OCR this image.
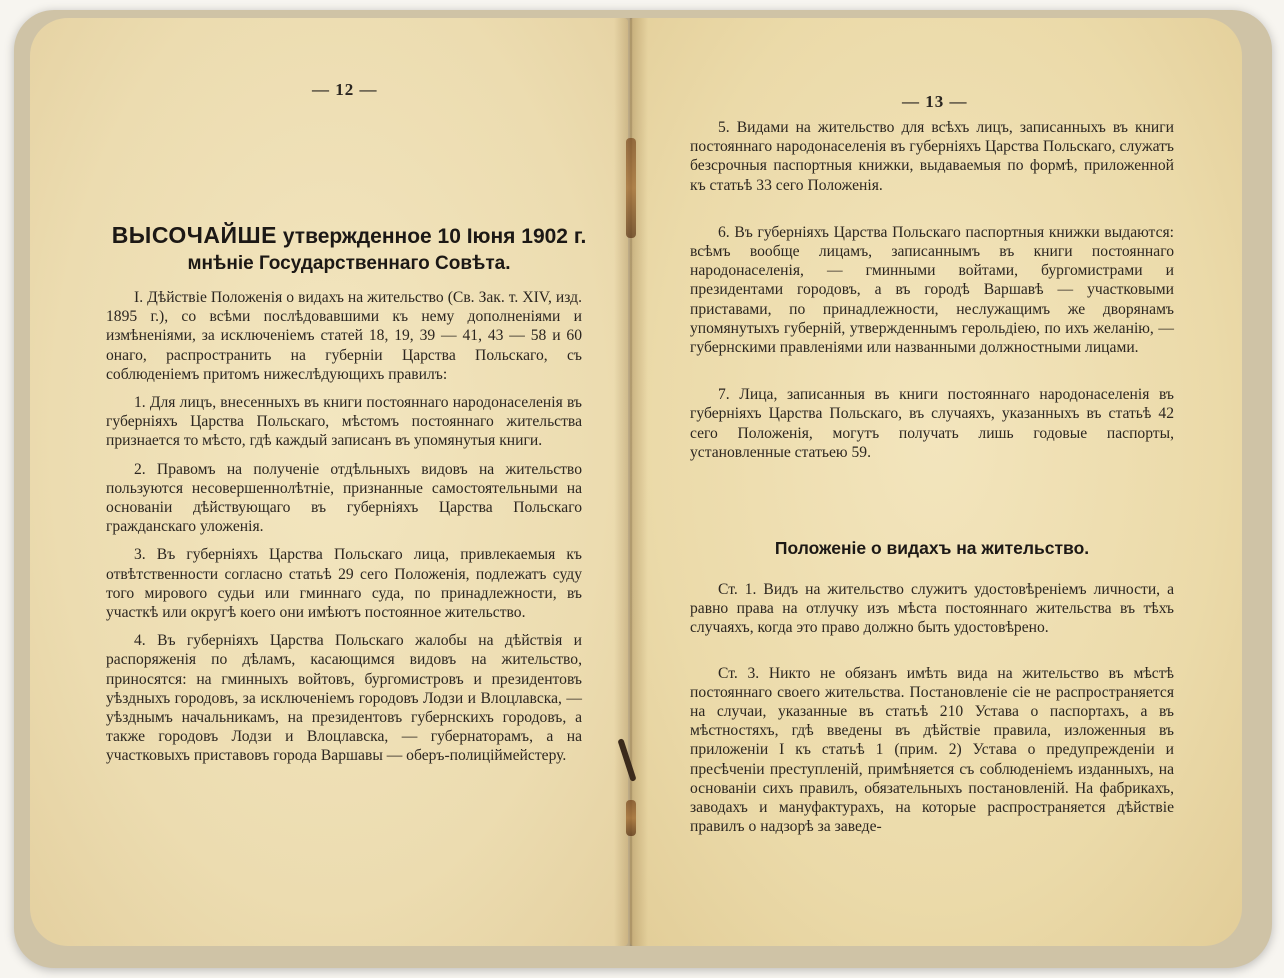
— 12 —
ВЫСОЧАЙШЕ утвержденное 10 Іюня 1902 г.
мнѣніе Государственнаго Совѣта.

I. Дѣйствіе Положенія о видахъ на жительство (Св. Зак. т. XIV, изд. 1895 г.), со всѣми послѣдовавшими къ нему дополненіями и измѣненіями, за исключеніемъ статей 18, 19, 39 — 41, 43 — 58 и 60 онаго, распространить на губерніи Царства Польскаго, съ соблюденіемъ притомъ нижеслѣдующихъ правилъ:

1. Для лицъ, внесенныхъ въ книги постояннаго народонаселенія въ губерніяхъ Царства Польскаго, мѣстомъ постояннаго жительства признается то мѣсто, гдѣ каждый записанъ въ упомянутыя книги.

2. Правомъ на полученіе отдѣльныхъ видовъ на жительство пользуются несовершеннолѣтніе, признанные самостоятельными на основаніи дѣйствующаго въ губерніяхъ Царства Польскаго гражданскаго уложенія.

3. Въ губерніяхъ Царства Польскаго лица, привлекаемыя къ отвѣтственности согласно статьѣ 29 сего Положенія, подлежатъ суду того мирового судьи или гминнаго суда, по принадлежности, въ участкѣ или округѣ коего они имѣютъ постоянное жительство.

4. Въ губерніяхъ Царства Польскаго жалобы на дѣйствія и распоряженія по дѣламъ, касающимся видовъ на жительство, приносятся: на гминныхъ войтовъ, бургомистровъ и президентовъ уѣздныхъ городовъ, за исключеніемъ городовъ Лодзи и Влоцлавска, — уѣзднымъ начальникамъ, на президентовъ губернскихъ городовъ, а также городовъ Лодзи и Влоцлавска, — губернаторамъ, а на участковыхъ приставовъ города Варшавы — оберъ-полицiймейстеру.

— 13 —

5. Видами на жительство для всѣхъ лицъ, записанныхъ въ книги постояннаго народонаселенія въ губерніяхъ Царства Польскаго, служатъ безсрочныя паспортныя книжки, выдаваемыя по формѣ, приложенной къ статьѣ 33 сего Положенія.

6. Въ губерніяхъ Царства Польскаго паспортныя книжки выдаются: всѣмъ вообще лицамъ, записаннымъ въ книги постояннаго народонаселенія, — гминными войтами, бургомистрами и президентами городовъ, а въ городѣ Варшавѣ — участковыми приставами, по принадлежности, неслужащимъ же дворянамъ упомянутыхъ губерній, утвержденнымъ герольдіею, по ихъ желанію, — губернскими правленіями или названными должностными лицами.

7. Лица, записанныя въ книги постояннаго народонаселенія въ губерніяхъ Царства Польскаго, въ случаяхъ, указанныхъ въ статьѣ 42 сего Положенія, могутъ получать лишь годовые паспорты, установленные статьею 59.

Положеніе о видахъ на жительство.

Ст. 1. Видъ на жительство служитъ удостовѣреніемъ личности, а равно права на отлучку изъ мѣста постояннаго жительства въ тѣхъ случаяхъ, когда это право должно быть удостовѣрено.

Ст. 3. Никто не обязанъ имѣть вида на жительство въ мѣстѣ постояннаго своего жительства. Постановленіе сіе не распространяется на случаи, указанные въ статьѣ 210 Устава о паспортахъ, а въ мѣстностяхъ, гдѣ введены въ дѣйствіе правила, изложенныя въ приложеніи I къ статьѣ 1 (прим. 2) Устава о предупрежденіи и пресѣченіи преступленій, примѣняется съ соблюденіемъ изданныхъ, на основаніи сихъ правилъ, обязательныхъ постановленій. На фабрикахъ, заводахъ и мануфактурахъ, на которые распространяется дѣйствіе правилъ о надзорѣ за заведе-
